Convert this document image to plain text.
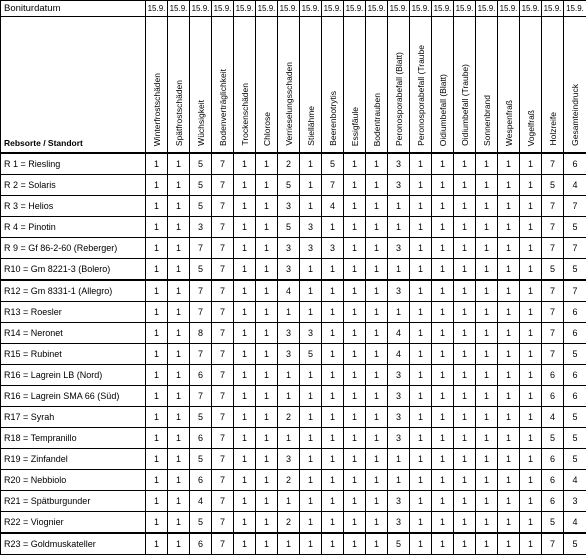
Boniturdatum	15.9.	15.9.	15.9.	15.9.	15.9.	15.9.	15.9.	15.9.	15.9.	15.9.	15.9.	15.9.	15.9.	15.9.	15.9.	15.9.	15.9.	15.9.	15.9.	15.9.
Rebsorte / Standort	Winterfrostschäden	Spätfrostschäden	Wüchsigkeit	Bodenverträglichkeit	Trockenschäden	Chlorose	Verrieselungsschaden	Stiellähme	Beerenbotrytis	Essigfäule	Bodentrauben	Peronosporabefall (Blatt)	Peronosporabefall (Traube	Oidiumbefall (Blatt)	Oidiumbefall (Traube)	Sonnenbrand	Wespenfraß	Vogelfraß	Holzreife	Gesamteindruck
R 1 = Riesling	1	1	5	7	1	1	2	1	5	1	1	3	1	1	1	1	1	1	7	6
R 2 = Solaris	1	1	5	7	1	1	5	1	7	1	1	3	1	1	1	1	1	1	5	4
R 3 = Helios	1	1	5	7	1	1	3	1	4	1	1	1	1	1	1	1	1	1	7	7
R 4 = Pinotin	1	1	3	7	1	1	5	3	1	1	1	1	1	1	1	1	1	1	7	5
R 9 = Gf 86-2-60 (Reberger)	1	1	7	7	1	1	3	3	3	1	1	3	1	1	1	1	1	1	7	7
R10 = Gm 8221-3 (Bolero)	1	1	5	7	1	1	3	1	1	1	1	1	1	1	1	1	1	1	5	5
R12 = Gm 8331-1 (Allegro)	1	1	7	7	1	1	4	1	1	1	1	3	1	1	1	1	1	1	7	7
R13 = Roesler	1	1	7	7	1	1	1	1	1	1	1	1	1	1	1	1	1	1	7	6
R14 = Neronet	1	1	8	7	1	1	3	3	1	1	1	4	1	1	1	1	1	1	7	6
R15 = Rubinet	1	1	7	7	1	1	3	5	1	1	1	4	1	1	1	1	1	1	7	5
R16 = Lagrein LB (Nord)	1	1	6	7	1	1	1	1	1	1	1	3	1	1	1	1	1	1	6	6
R16 = Lagrein SMA 66 (Süd)	1	1	7	7	1	1	1	1	1	1	1	3	1	1	1	1	1	1	6	6
R17 = Syrah	1	1	5	7	1	1	2	1	1	1	1	3	1	1	1	1	1	1	4	5
R18 = Tempranillo	1	1	6	7	1	1	1	1	1	1	1	3	1	1	1	1	1	1	5	5
R19 = Zinfandel	1	1	5	7	1	1	3	1	1	1	1	1	1	1	1	1	1	1	6	5
R20 = Nebbiolo	1	1	6	7	1	1	2	1	1	1	1	1	1	1	1	1	1	1	6	4
R21 = Spätburgunder	1	1	4	7	1	1	1	1	1	1	1	3	1	1	1	1	1	1	6	3
R22 = Viognier	1	1	5	7	1	1	2	1	1	1	1	3	1	1	1	1	1	1	5	4
R23 = Goldmuskateller	1	1	6	7	1	1	1	1	1	1	1	5	1	1	1	1	1	1	7	5
